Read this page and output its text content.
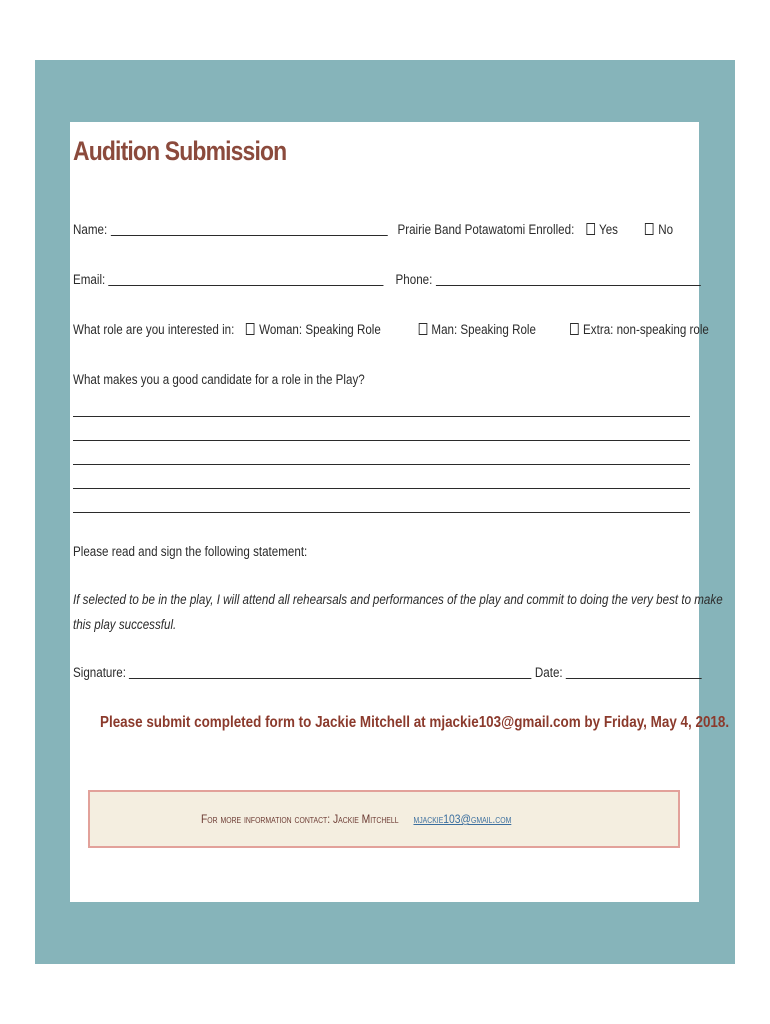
Audition Submission
Name:	Prairie Band Potawatomi Enrolled: Yes	No
Email:	Phone:
What role are you interested in: Woman: Speaking Role	Man: Speaking Role	Extra: non-speaking role
What makes you a good candidate for a role in the Play?
Please read and sign the following statement:
If selected to be in the play, I will attend all rehearsals and performances of the play and commit to doing the very best to make
this play successful.
Signature:	Date:
Please submit completed form to Jackie Mitchell at mjackie103@gmail.com by Friday, May 4, 2018.
For more information contact: Jackie Mitchell mjackie103@gmail.com
